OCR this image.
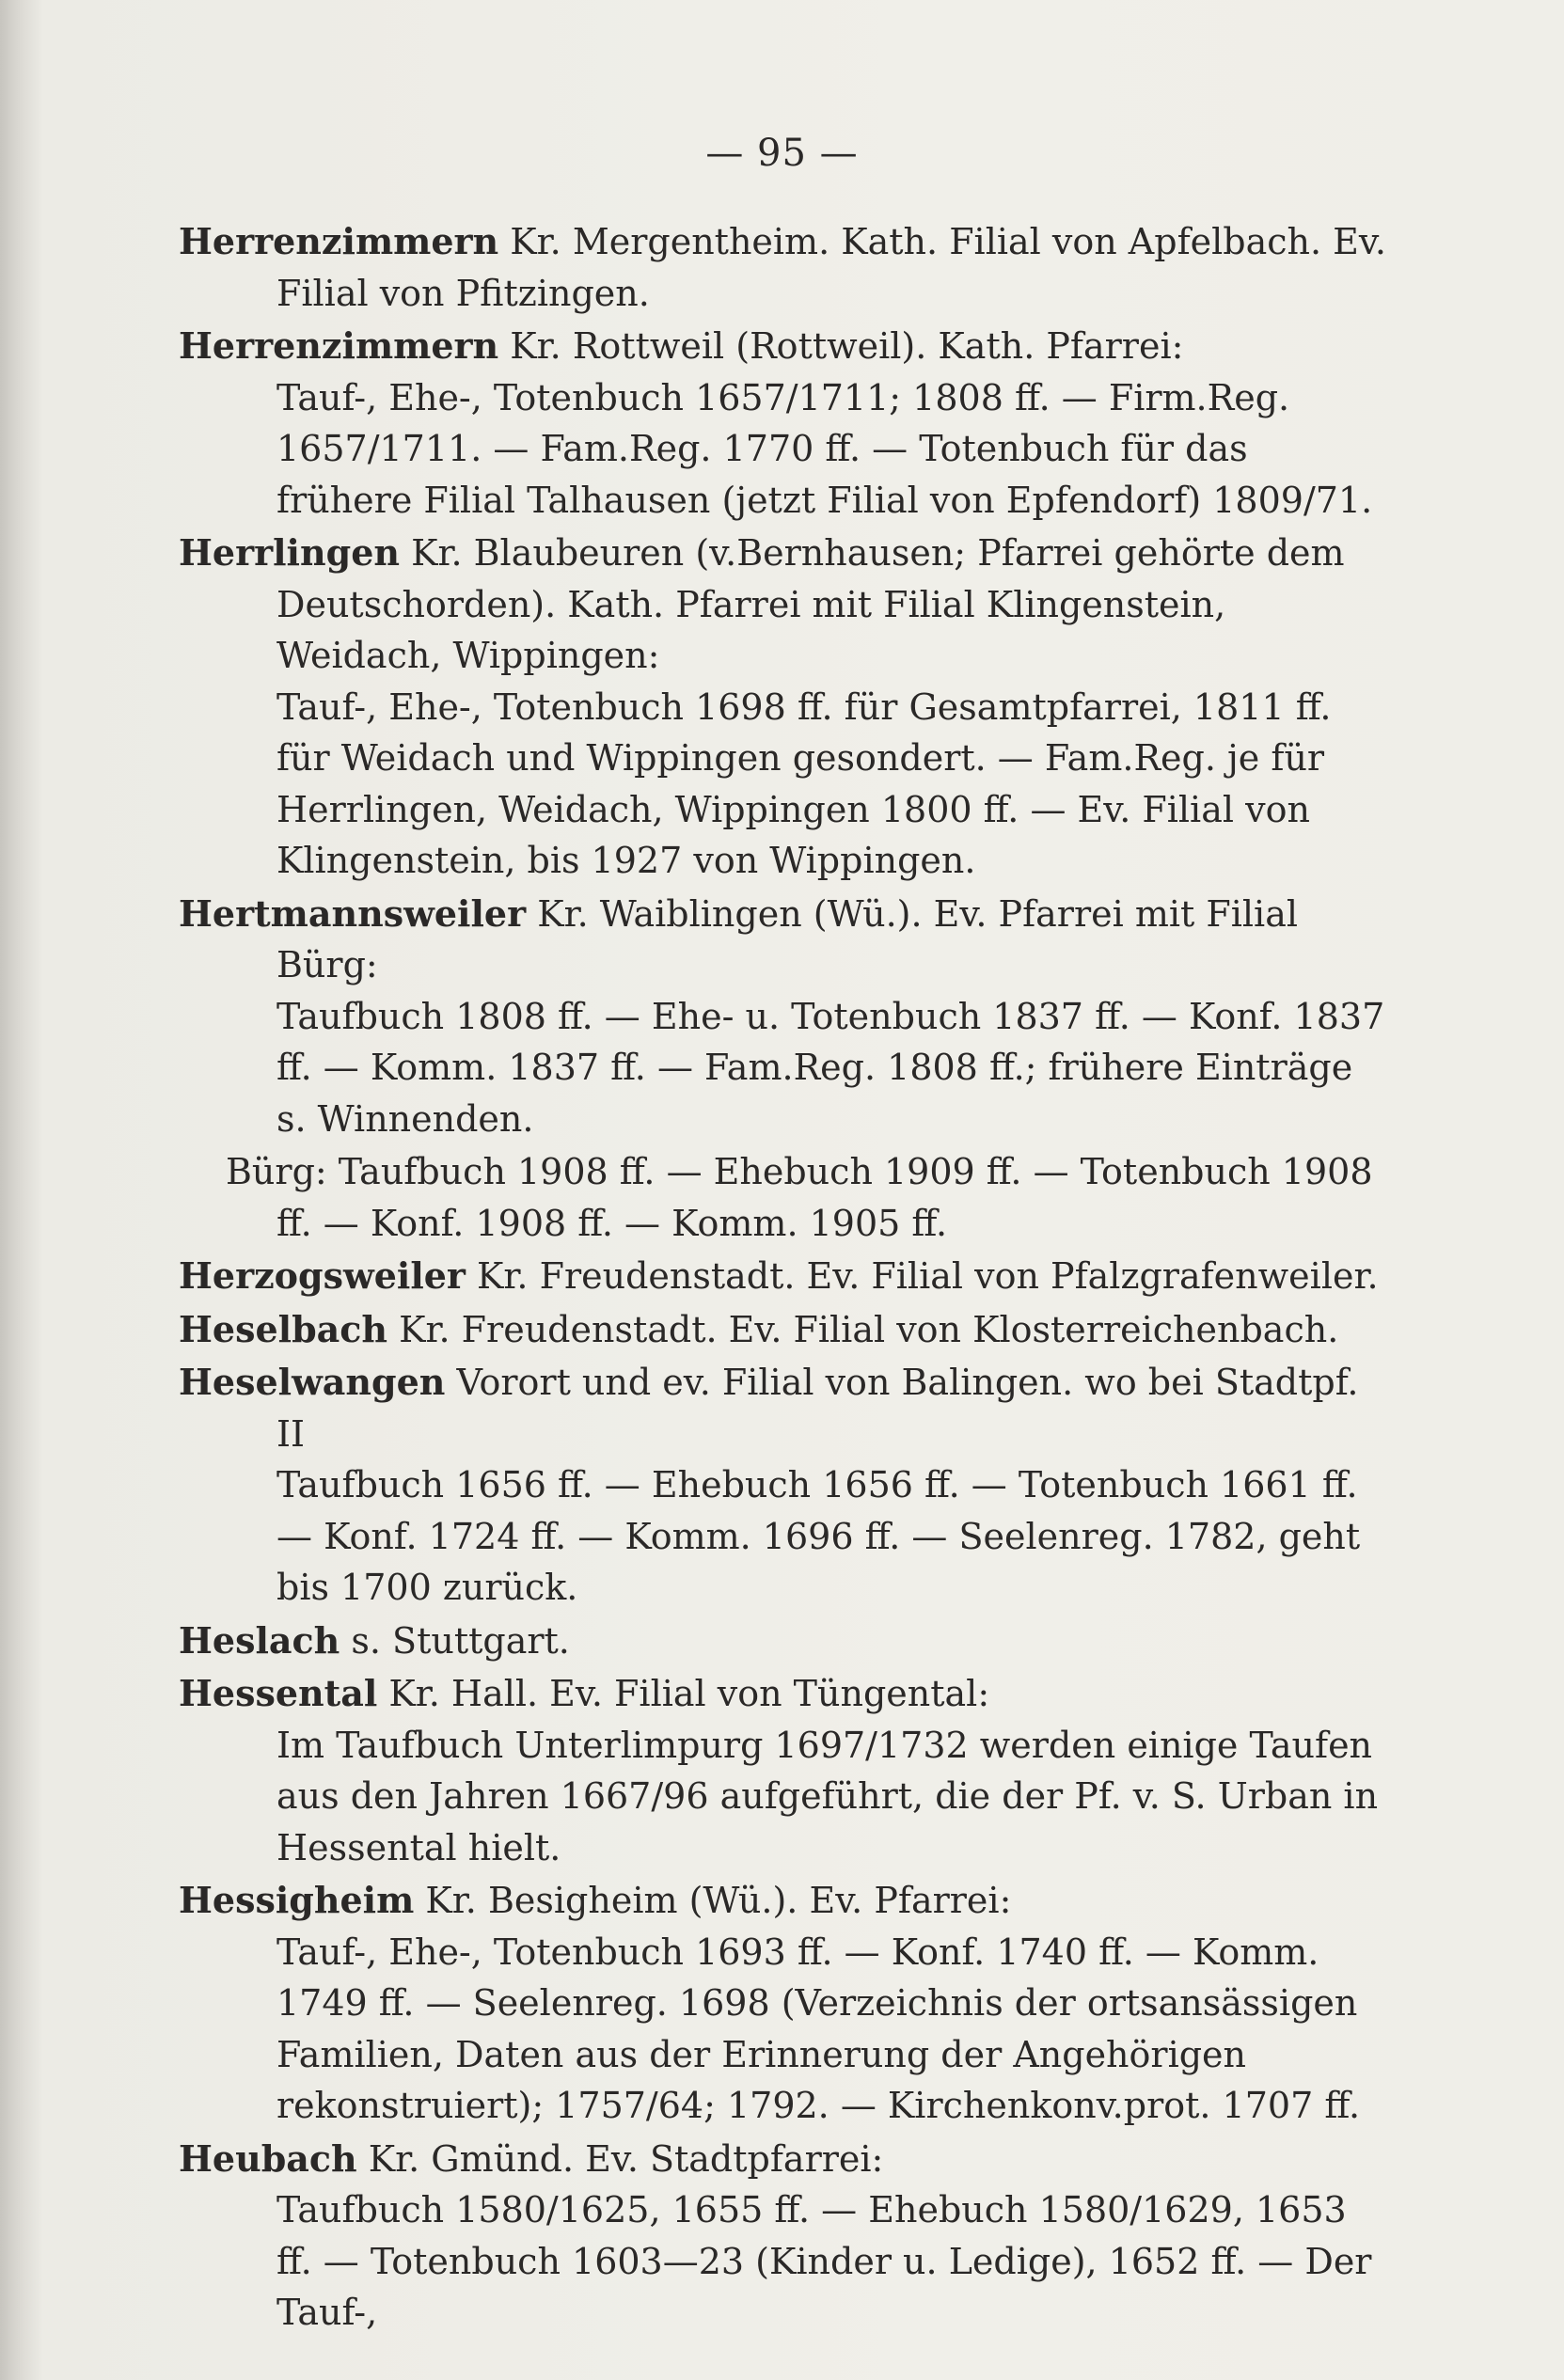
— 95 —

Herrenzimmern Kr. Mergentheim. Kath. Filial von Apfelbach. Ev. Filial von Pfitzingen.

Herrenzimmern Kr. Rottweil (Rottweil). Kath. Pfarrei:
Tauf-, Ehe-, Totenbuch 1657/1711; 1808 ff. — Firm.Reg. 1657/1711. — Fam.Reg. 1770 ff. — Totenbuch für das frühere Filial Talhausen (jetzt Filial von Epfendorf) 1809/71.

Herrlingen Kr. Blaubeuren (v.Bernhausen; Pfarrei gehörte dem Deutschorden). Kath. Pfarrei mit Filial Klingenstein, Weidach, Wippingen:
Tauf-, Ehe-, Totenbuch 1698 ff. für Gesamtpfarrei, 1811 ff. für Weidach und Wippingen gesondert. — Fam.Reg. je für Herrlingen, Weidach, Wippingen 1800 ff. — Ev. Filial von Klingenstein, bis 1927 von Wippingen.

Hertmannsweiler Kr. Waiblingen (Wü.). Ev. Pfarrei mit Filial Bürg:
Taufbuch 1808 ff. — Ehe- u. Totenbuch 1837 ff. — Konf. 1837 ff. — Komm. 1837 ff. — Fam.Reg. 1808 ff.; frühere Einträge s. Winnenden.

Bürg: Taufbuch 1908 ff. — Ehebuch 1909 ff. — Totenbuch 1908 ff. — Konf. 1908 ff. — Komm. 1905 ff.

Herzogsweiler Kr. Freudenstadt. Ev. Filial von Pfalzgrafenweiler.

Heselbach Kr. Freudenstadt. Ev. Filial von Klosterreichenbach.

Heselwangen Vorort und ev. Filial von Balingen. wo bei Stadtpf. II
Taufbuch 1656 ff. — Ehebuch 1656 ff. — Totenbuch 1661 ff. — Konf. 1724 ff. — Komm. 1696 ff. — Seelenreg. 1782, geht bis 1700 zurück.

Heslach s. Stuttgart.

Hessental Kr. Hall. Ev. Filial von Tüngental:
Im Taufbuch Unterlimpurg 1697/1732 werden einige Taufen aus den Jahren 1667/96 aufgeführt, die der Pf. v. S. Urban in Hessental hielt.

Hessigheim Kr. Besigheim (Wü.). Ev. Pfarrei:
Tauf-, Ehe-, Totenbuch 1693 ff. — Konf. 1740 ff. — Komm. 1749 ff. — Seelenreg. 1698 (Verzeichnis der ortsansässigen Familien, Daten aus der Erinnerung der Angehörigen rekonstruiert); 1757/64; 1792. — Kirchenkonv.prot. 1707 ff.

Heubach Kr. Gmünd. Ev. Stadtpfarrei:
Taufbuch 1580/1625, 1655 ff. — Ehebuch 1580/1629, 1653 ff. — Totenbuch 1603—23 (Kinder u. Ledige), 1652 ff. — Der Tauf-,
